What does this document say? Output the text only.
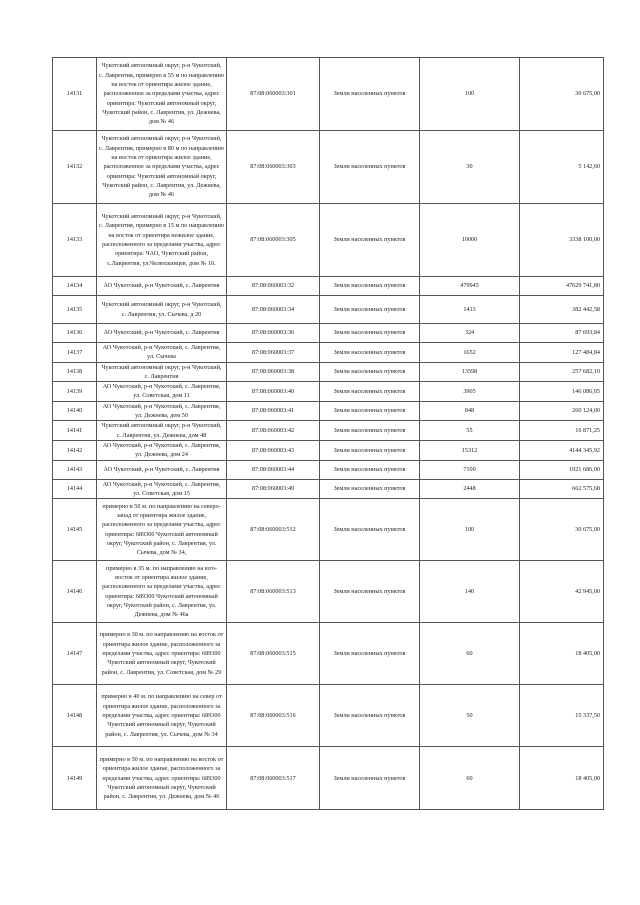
14131	Чукотский автономный округ, р-н Чукотский, с. Лаврентия, примерно в 55 м по направлению на восток от ориентира жилое здание, расположенное за пределами участка, адрес ориентира: Чукотский автономный округ, Чукотский район, с. Лаврентия, ул. Дежнева, дом № 46	87:08:060003:301	Земли населенных пунктов	100	30 675,00
14132	Чукотский автономный округ, р-н Чукотский, с. Лаврентия, примерно в 80 м по направлению на восток от ориентира жилое здание, расположенное за пределами участка, адрес ориентира: Чукотский автономный округ, Чукотский район, с. Лаврентия, ул. Дежнева, дом № 46	87:08:060003:303	Земли населенных пунктов	30	5 142,60
14133	Чукотский автономный округ, р-н Чукотский, с. Лаврентия, примерно в 15 м по направлению на восток от ориентира нежилое здание, расположенного за пределами участка, адрес ориентира: ЧАО, Чукотский район, с.Лаврентия, ул.Челюскинцев, дом № 10.	87:08:060003:305	Земли населенных пунктов	10000	3338 100,00
14134	АО Чукотский, р-н Чукотский, с. Лаврентия	87:08:060003:32	Земли населенных пунктов	479945	47629 741,80
14135	Чукотский автономный округ, р-н Чукотский, с. Лаврентия, ул. Сычева, д 20	87:08:060003:34	Земли населенных пунктов	1413	382 442,58
14136	АО Чукотский, р-н Чукотский, с. Лаврентия	87:08:060003:36	Земли населенных пунктов	324	87 693,84
14137	АО Чукотский, р-н Чукотский, с. Лаврентия, ул. Сычева	87:08:060003:37	Земли населенных пунктов	1652	127 484,84
14138	Чукотский автономный округ, р-н Чукотский, с. Лаврентия	87:08:060003:38	Земли населенных пунктов	13598	257 682,10
14139	АО Чукотский, р-н Чукотский, с. Лаврентия, ул. Советская, дом 11	87:08:060003:40	Земли населенных пунктов	3905	146 086,05
14140	АО Чукотский, р-н Чукотский, с. Лаврентия, ул. Дежнева, дом 50	87:08:060003:41	Земли населенных пунктов	848	260 124,00
14141	Чукотский автономный округ, р-н Чукотский, с. Лаврентия, ул. Дежнева, дом 48	87:08:060003:42	Земли населенных пунктов	55	16 871,25
14142	АО Чукотский, р-н Чукотский, с. Лаврентия, ул. Дежнева, дом 24	87:08:060003:43	Земли населенных пунктов	15312	4144 345,92
14143	АО Чукотский, р-н Чукотский, с. Лаврентия	87:08:060003:44	Земли населенных пунктов	7100	1921 686,00
14144	АО Чукотский, р-н Чукотский, с. Лаврентия, ул. Советская, дом 15	87:08:060003:49	Земли населенных пунктов	2448	662 575,68
14145	примерно в 50 м. по направлению на северо-запад от ориентира жилое здание, расположенного за пределами участка, адрес ориентира: 689300 Чукотский автономный округ, Чукотский район, с. Лаврентия, ул. Сычева, дом № 34,	87:08:060003:512	Земли населенных пунктов	100	30 675,00
14146	примерно в 35 м. по направлению на юго-восток от ориентира жилое здание, расположенного за пределами участка, адрес ориентира: 689300 Чукотский автономный округ, Чукотский район, с. Лаврентия, ул. Дежнева, дом № 46а	87:08:060003:513	Земли населенных пунктов	140	42 945,00
14147	примерно в 30 м. по направлению на восток от ориентира жилое здание, расположенного за пределами участка, адрес ориентира: 689300 Чукотский автономный округ, Чукотский район, с. Лаврентия, ул. Советская, дом № 29	87:08:060003:515	Земли населенных пунктов	60	18 405,00
14148	примерно в 40 м. по направлению на север от ориентира жилое здание, расположенного за пределами участка, адрес ориентира: 689300 Чукотский автономный округ, Чукотский район, с. Лаврентия, ул. Сычева, дом № 34	87:08:060003:516	Земли населенных пунктов	50	15 337,50
14149	примерно в 50 м. по направлению на восток от ориентира жилое здание, расположенного за пределами участка, адрес ориентира: 689300 Чукотский автономный округ, Чукотский район, с. Лаврентия, ул. Дежнева, дом № 46	87:08:060003:517	Земли населенных пунктов	60	18 405,00
